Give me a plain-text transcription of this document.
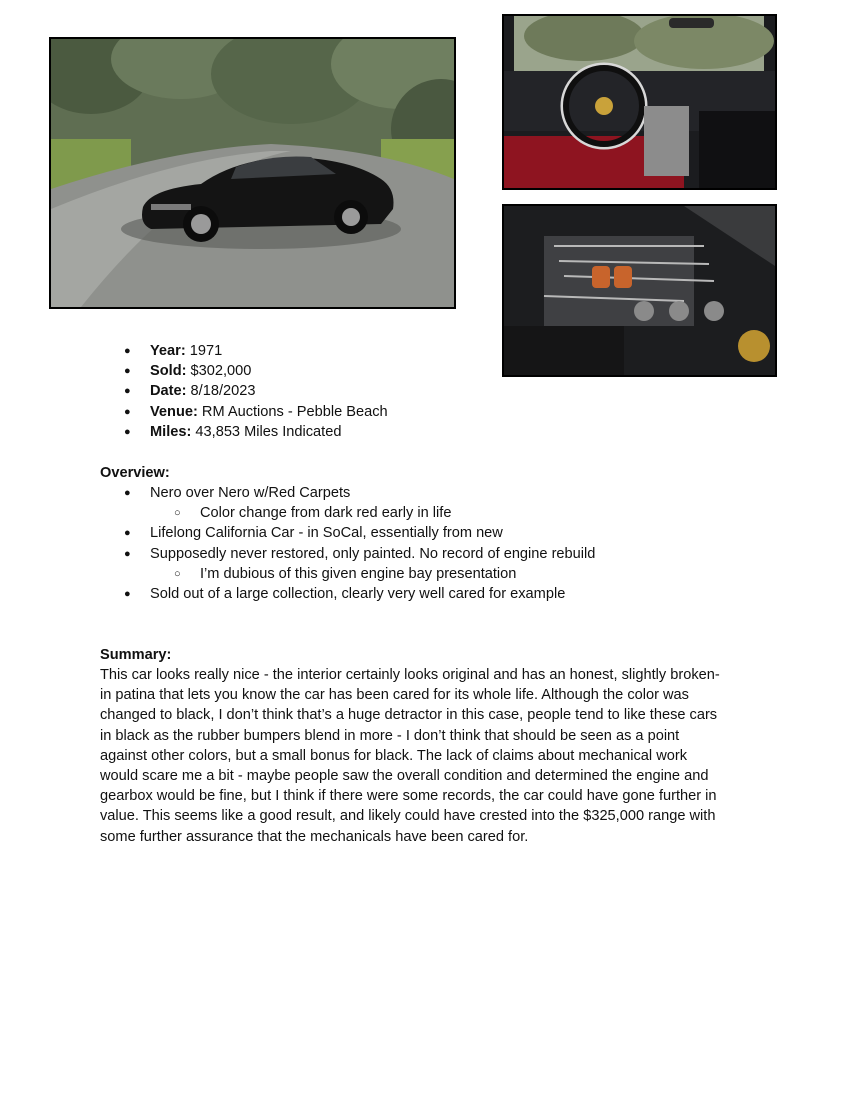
● Year: 1971
● Sold: $302,000
● Date: 8/18/2023
● Venue: RM Auctions - Pebble Beach
● Miles: 43,853 Miles Indicated
Overview:
● Nero over Nero w/Red Carpets
○ Color change from dark red early in life
● Lifelong California Car - in SoCal, essentially from new
● Supposedly never restored, only painted. No record of engine rebuild
○ I’m dubious of this given engine bay presentation
● Sold out of a large collection, clearly very well cared for example
Summary:
This car looks really nice - the interior certainly looks original and has an honest, slightly broken-
in patina that lets you know the car has been cared for its whole life. Although the color was
changed to black, I don’t think that’s a huge detractor in this case, people tend to like these cars
in black as the rubber bumpers blend in more - I don’t think that should be seen as a point
against other colors, but a small bonus for black. The lack of claims about mechanical work
would scare me a bit - maybe people saw the overall condition and determined the engine and
gearbox would be fine, but I think if there were some records, the car could have gone further in
value. This seems like a good result, and likely could have crested into the $325,000 range with
some further assurance that the mechanicals have been cared for.
